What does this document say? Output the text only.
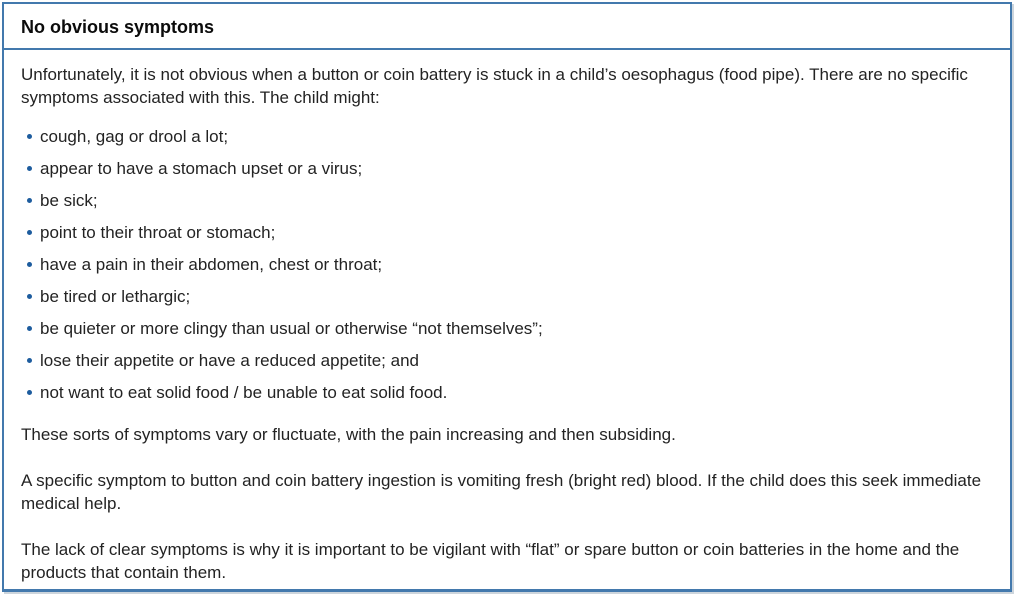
No obvious symptoms

Unfortunately, it is not obvious when a button or coin battery is stuck in a child’s oesophagus (food pipe). There are no specific symptoms associated with this. The child might:

cough, gag or drool a lot;
appear to have a stomach upset or a virus;
be sick;
point to their throat or stomach;
have a pain in their abdomen, chest or throat;
be tired or lethargic;
be quieter or more clingy than usual or otherwise “not themselves”;
lose their appetite or have a reduced appetite; and
not want to eat solid food / be unable to eat solid food.

These sorts of symptoms vary or fluctuate, with the pain increasing and then subsiding.

A specific symptom to button and coin battery ingestion is vomiting fresh (bright red) blood. If the child does this seek immediate medical help.

The lack of clear symptoms is why it is important to be vigilant with “flat” or spare button or coin batteries in the home and the products that contain them.
